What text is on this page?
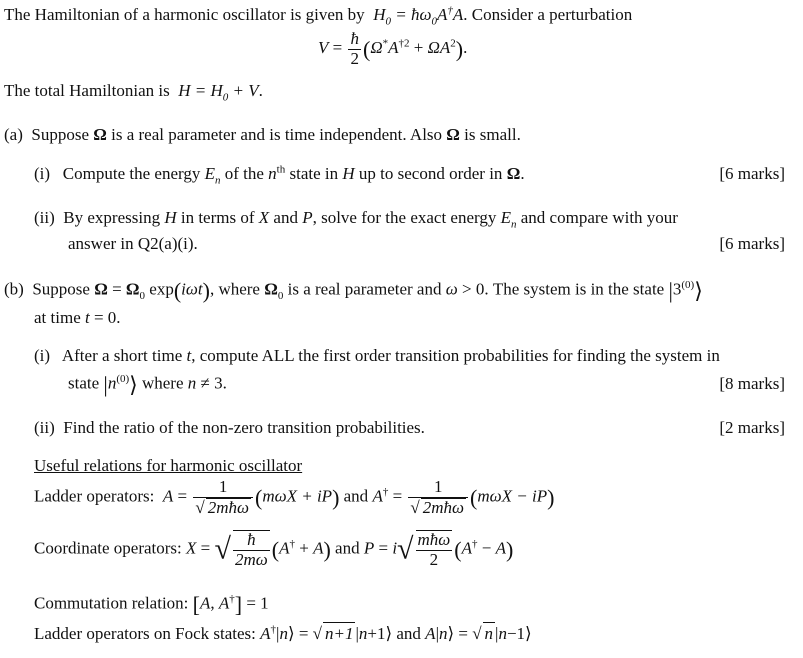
The Hamiltonian of a harmonic oscillator is given by  $H_0$ = $ħ\omega_0A^\dagger A$. Consider a perturbation
$V = \frac{ħ}{2} (\Omega^*A^{\dagger 2} + \Omega A^2)$.
The total Hamiltonian is  $H = H_0 + V$.
(a) Suppose Ω is a real parameter and is time independent. Also Ω is small.
(i) Compute the energy $E_n$ of the $n^{th}$ state in H up to second order in Ω.	[6 marks]
(ii) By expressing H in terms of X and P, solve for the exact energy $E_n$ and compare with your
answer in Q2(a)(i).	[6 marks]
(b) Suppose $\Omega = \Omega_0$ exp(iωt), where $\Omega_0$ is a real parameter and ω > 0. The system is in the state |3$^{(0)}$⟩
at time t = 0.
(i) After a short time t, compute ALL the first order transition probabilities for finding the system in
state $|n^{(0)}⟩$ where n ≠ 3.	[8 marks]
(ii) Find the ratio of the non-zero transition probabilities.	[2 marks]
Useful relations for harmonic oscillator
Ladder operators:  $A = \frac{1}{\text{√ 2mħω}} (m\omega X + iP)$ and $A^\dagger = \frac{1}{\text{√ 2mħω}} (m\omega X - iP)$
Coordinate operators: X = √ $\frac{ħ}{2m\omega} (A^\dagger + A)$ and $P = i√ \frac{\text{mħω}}{2} (A^\dagger - A)$
Commutation relation: [A, A†] = 1
Ladder operators on Fock states: A†|n⟩ = √ n+1 |n+1⟩ and A|n⟩ = √ n |n−1⟩
